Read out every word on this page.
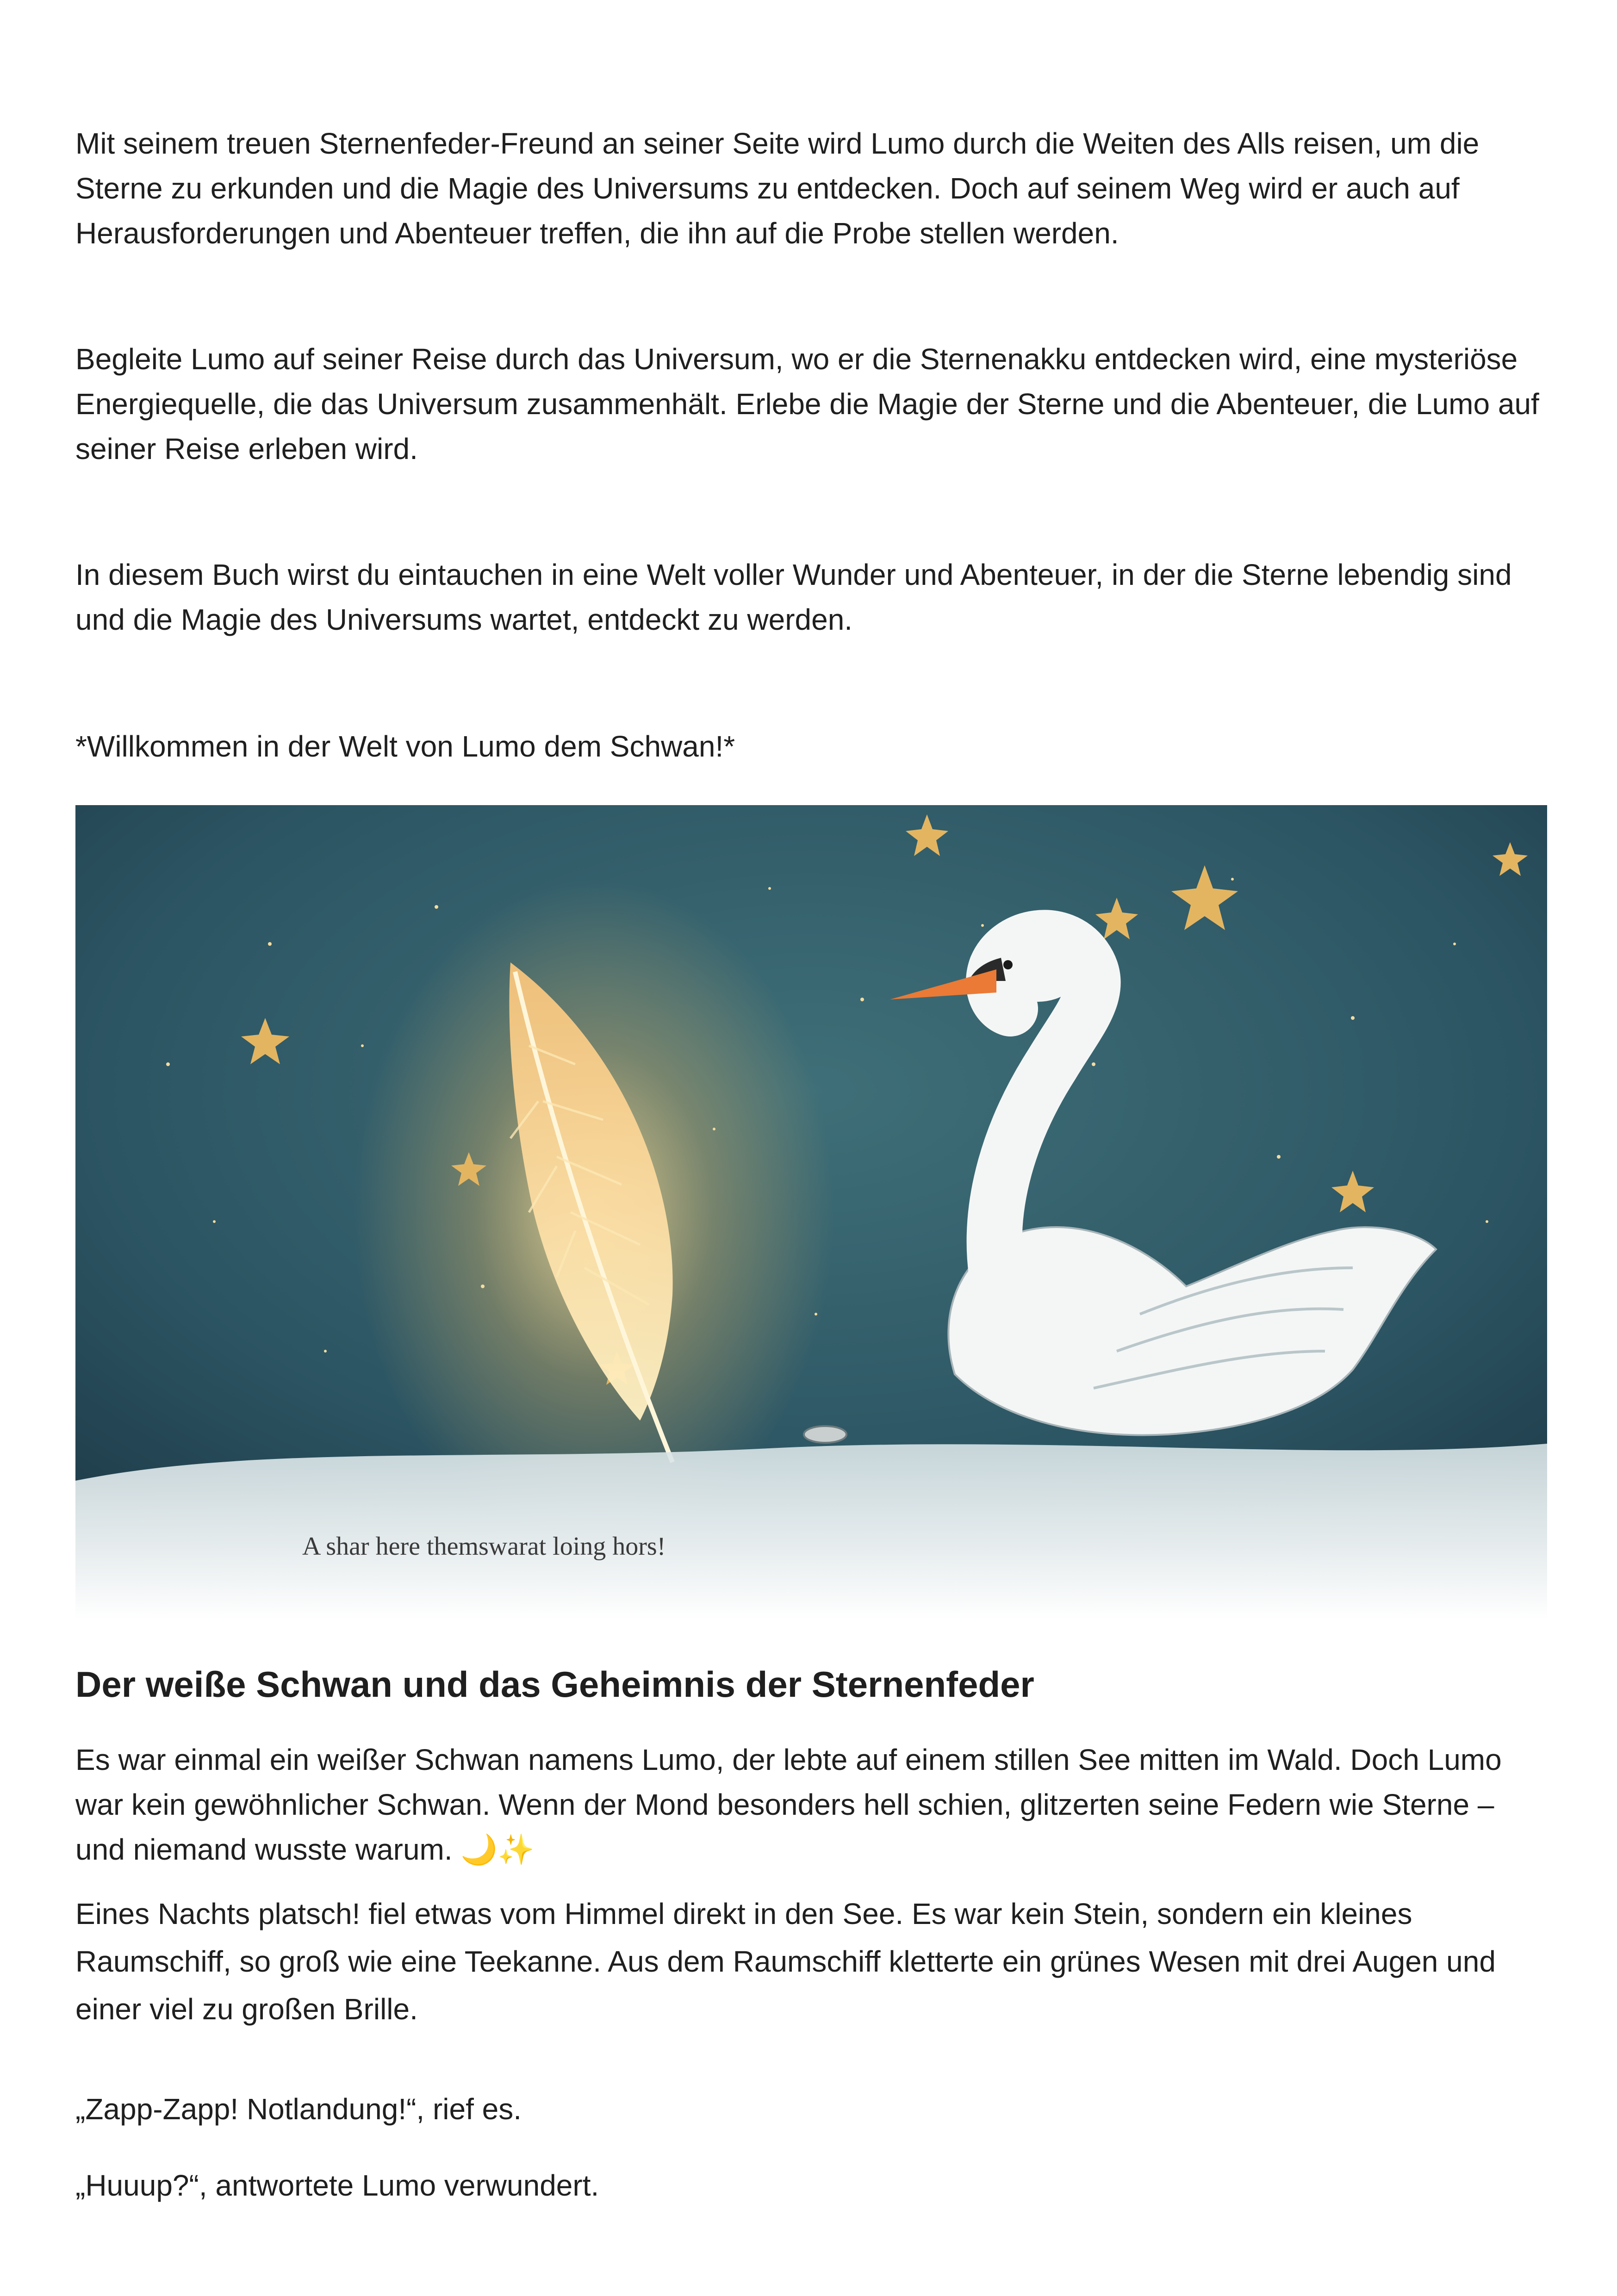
Mit seinem treuen Sternenfeder-Freund an seiner Seite wird Lumo durch die Weiten des Alls reisen, um die Sterne zu erkunden und die Magie des Universums zu entdecken. Doch auf seinem Weg wird er auch auf Herausforderungen und Abenteuer treffen, die ihn auf die Probe stellen werden.

Begleite Lumo auf seiner Reise durch das Universum, wo er die Sternenakku entdecken wird, eine mysteriöse Energiequelle, die das Universum zusammenhält. Erlebe die Magie der Sterne und die Abenteuer, die Lumo auf seiner Reise erleben wird.

In diesem Buch wirst du eintauchen in eine Welt voller Wunder und Abenteuer, in der die Sterne lebendig sind und die Magie des Universums wartet, entdeckt zu werden.

*Willkommen in der Welt von Lumo dem Schwan!*

A shar here themswarat loing hors!
Der weiße Schwan und das Geheimnis der Sternenfeder

Es war einmal ein weißer Schwan namens Lumo, der lebte auf einem stillen See mitten im Wald. Doch Lumo war kein gewöhnlicher Schwan. Wenn der Mond besonders hell schien, glitzerten seine Federn wie Sterne – und niemand wusste warum. 🌙✨

Eines Nachts platsch! fiel etwas vom Himmel direkt in den See. Es war kein Stein, sondern ein kleines Raumschiff, so groß wie eine Teekanne. Aus dem Raumschiff kletterte ein grünes Wesen mit drei Augen und einer viel zu großen Brille.

„Zapp-Zapp! Notlandung!“, rief es.

„Huuup?“, antwortete Lumo verwundert.
